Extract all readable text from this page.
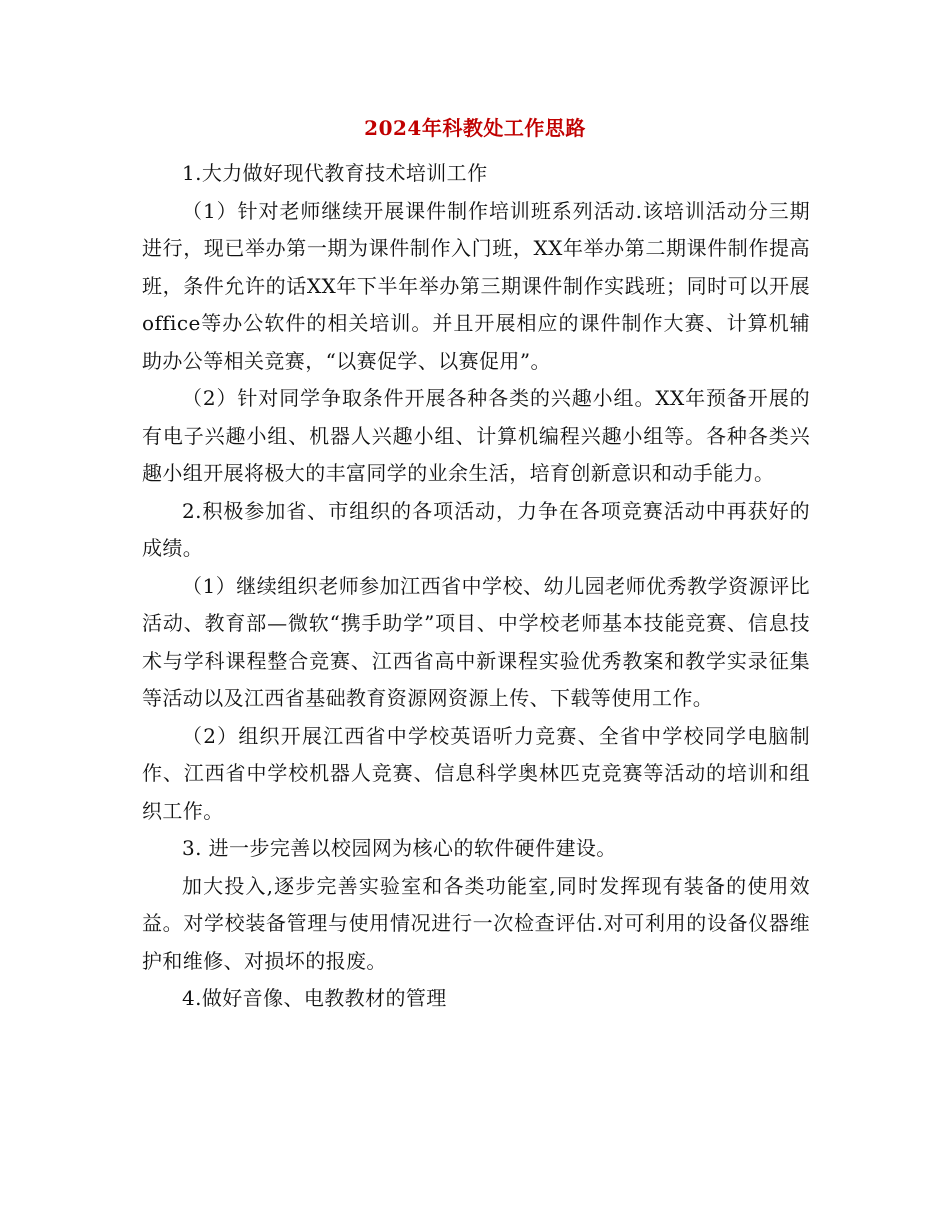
2024年科教处工作思路

1.大力做好现代教育技术培训工作

（1）针对老师继续开展课件制作培训班系列活动.该培训活动分三期进行，现已举办第一期为课件制作入门班，XX年举办第二期课件制作提高班，条件允许的话XX年下半年举办第三期课件制作实践班；同时可以开展office等办公软件的相关培训。并且开展相应的课件制作大赛、计算机辅助办公等相关竞赛，“以赛促学、以赛促用”。

（2）针对同学争取条件开展各种各类的兴趣小组。XX年预备开展的有电子兴趣小组、机器人兴趣小组、计算机编程兴趣小组等。各种各类兴趣小组开展将极大的丰富同学的业余生活，培育创新意识和动手能力。

2.积极参加省、市组织的各项活动，力争在各项竞赛活动中再获好的成绩。

（1）继续组织老师参加江西省中学校、幼儿园老师优秀教学资源评比活动、教育部—微软“携手助学”项目、中学校老师基本技能竞赛、信息技术与学科课程整合竞赛、江西省高中新课程实验优秀教案和教学实录征集等活动以及江西省基础教育资源网资源上传、下载等使用工作。

（2）组织开展江西省中学校英语听力竞赛、全省中学校同学电脑制作、江西省中学校机器人竞赛、信息科学奥林匹克竞赛等活动的培训和组织工作。

3. 进一步完善以校园网为核心的软件硬件建设。

加大投入,逐步完善实验室和各类功能室,同时发挥现有装备的使用效益。对学校装备管理与使用情况进行一次检查评估.对可利用的设备仪器维护和维修、对损坏的报废。

4.做好音像、电教教材的管理
